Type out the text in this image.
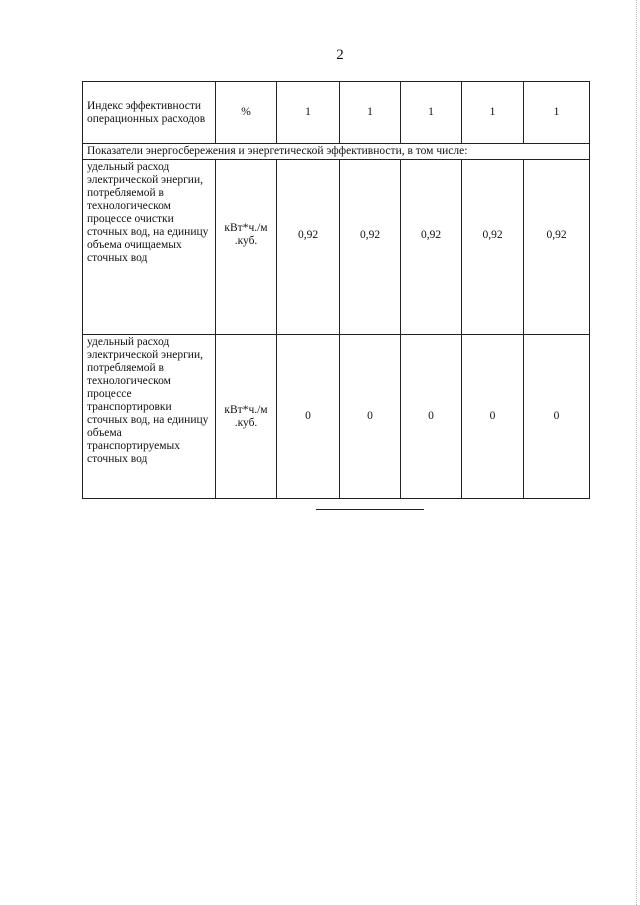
2
Индекс эффективности операционных расходов	%	1	1	1	1	1
Показатели энергосбережения и энергетической эффективности, в том числе:						
удельный расход электрической энергии, потребляемой в технологическом процессе очистки сточных вод, на единицу объема очищаемых сточных вод	кВт*ч./м .куб.	0,92	0,92	0,92	0,92	0,92
удельный расход электрической энергии, потребляемой в технологическом процессе транспортировки сточных вод, на единицу объема транспортируемых сточных вод	кВт*ч./м .куб.	0	0	0	0	0
